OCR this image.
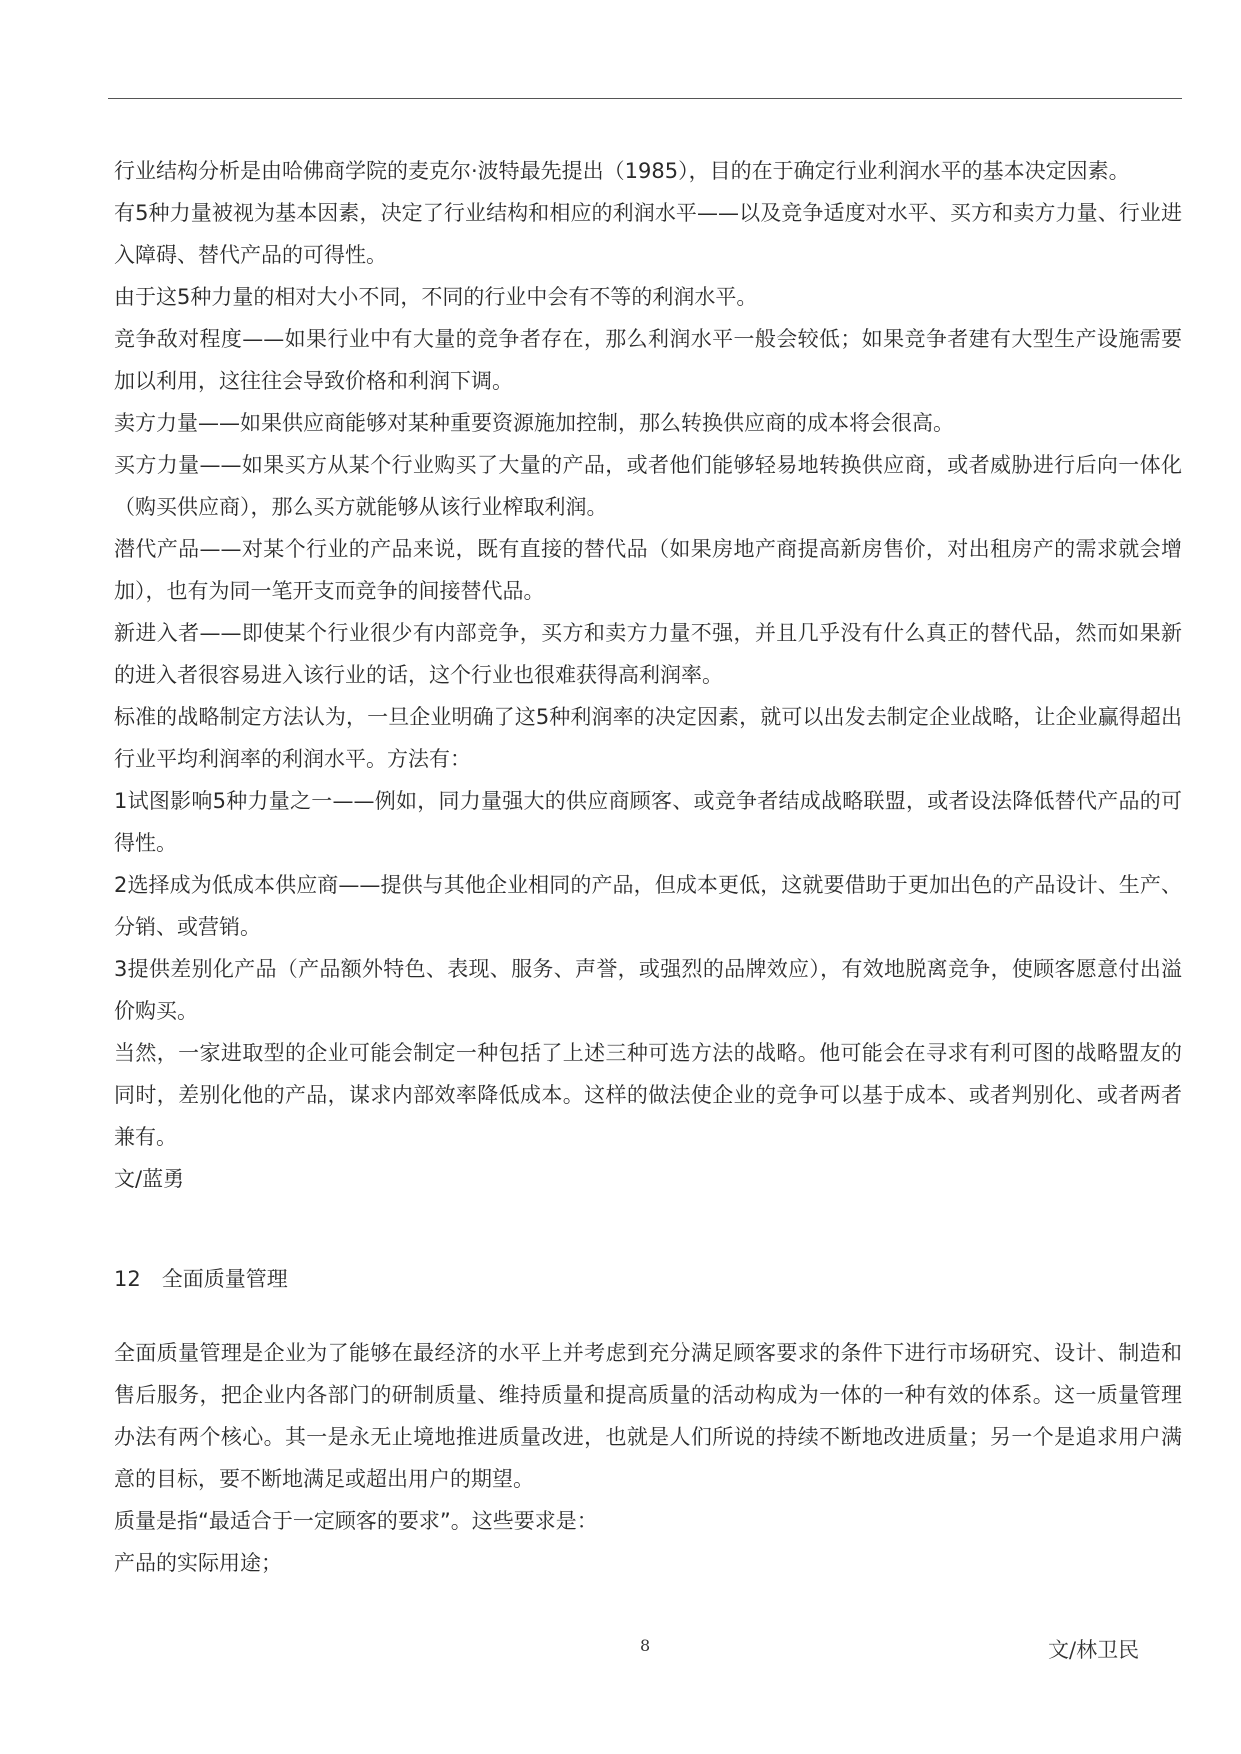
行业结构分析是由哈佛商学院的麦克尔·波特最先提出（1985），目的在于确定行业利润水平的基本决定因素。

有5种力量被视为基本因素，决定了行业结构和相应的利润水平——以及竞争适度对水平、买方和卖方力量、行业进入障碍、替代产品的可得性。

由于这5种力量的相对大小不同，不同的行业中会有不等的利润水平。

竞争敌对程度——如果行业中有大量的竞争者存在，那么利润水平一般会较低；如果竞争者建有大型生产设施需要加以利用，这往往会导致价格和利润下调。

卖方力量——如果供应商能够对某种重要资源施加控制，那么转换供应商的成本将会很高。

买方力量——如果买方从某个行业购买了大量的产品，或者他们能够轻易地转换供应商，或者威胁进行后向一体化（购买供应商），那么买方就能够从该行业榨取利润。

潜代产品——对某个行业的产品来说，既有直接的替代品（如果房地产商提高新房售价，对出租房产的需求就会增加），也有为同一笔开支而竞争的间接替代品。

新进入者——即使某个行业很少有内部竞争，买方和卖方力量不强，并且几乎没有什么真正的替代品，然而如果新的进入者很容易进入该行业的话，这个行业也很难获得高利润率。

标准的战略制定方法认为，一旦企业明确了这5种利润率的决定因素，就可以出发去制定企业战略，让企业赢得超出行业平均利润率的利润水平。方法有：

1试图影响5种力量之一——例如，同力量强大的供应商顾客、或竞争者结成战略联盟，或者设法降低替代产品的可得性。

2选择成为低成本供应商——提供与其他企业相同的产品，但成本更低，这就要借助于更加出色的产品设计、生产、分销、或营销。

3提供差别化产品（产品额外特色、表现、服务、声誉，或强烈的品牌效应），有效地脱离竞争，使顾客愿意付出溢价购买。

当然，一家进取型的企业可能会制定一种包括了上述三种可选方法的战略。他可能会在寻求有利可图的战略盟友的同时，差别化他的产品，谋求内部效率降低成本。这样的做法使企业的竞争可以基于成本、或者判别化、或者两者兼有。

文/蓝勇

12　全面质量管理

全面质量管理是企业为了能够在最经济的水平上并考虑到充分满足顾客要求的条件下进行市场研究、设计、制造和售后服务，把企业内各部门的研制质量、维持质量和提高质量的活动构成为一体的一种有效的体系。这一质量管理办法有两个核心。其一是永无止境地推进质量改进，也就是人们所说的持续不断地改进质量；另一个是追求用户满意的目标，要不断地满足或超出用户的期望。

质量是指“最适合于一定顾客的要求”。这些要求是：

产品的实际用途；

8	文/林卫民
